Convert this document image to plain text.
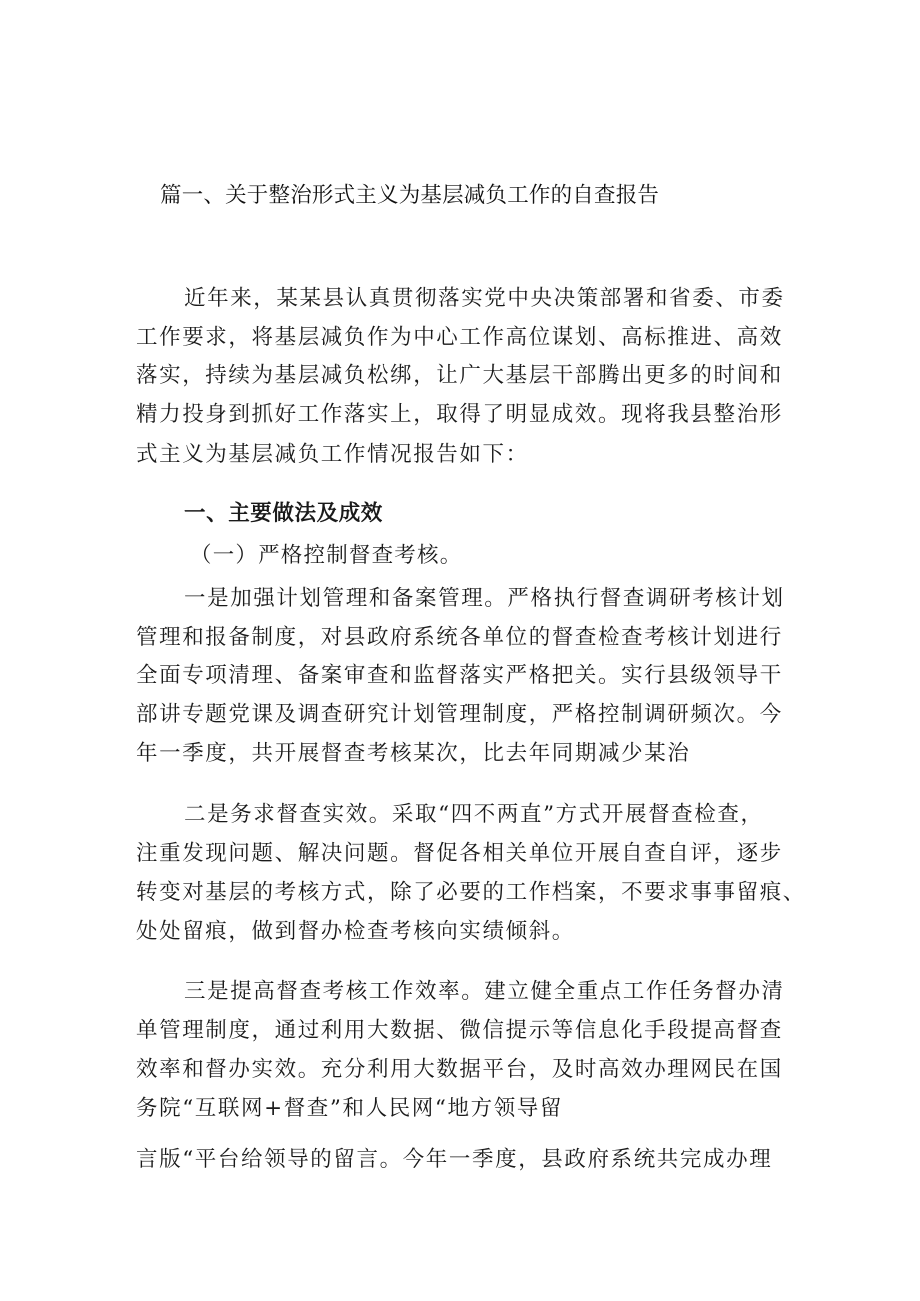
篇一、关于整治形式主义为基层减负工作的自查报告
近年来，某某县认真贯彻落实党中央决策部署和省委、市委
工作要求，将基层减负作为中心工作高位谋划、高标推进、高效
落实，持续为基层减负松绑，让广大基层干部腾出更多的时间和
精力投身到抓好工作落实上，取得了明显成效。现将我县整治形
式主义为基层减负工作情况报告如下：
一、主要做法及成效
（一）严格控制督查考核。
一是加强计划管理和备案管理。严格执行督查调研考核计划
管理和报备制度，对县政府系统各单位的督查检查考核计划进行
全面专项清理、备案审查和监督落实严格把关。实行县级领导干
部讲专题党课及调查研究计划管理制度，严格控制调研频次。今
年一季度，共开展督查考核某次，比去年同期减少某治
二是务求督查实效。采取“四不两直”方式开展督查检查，
注重发现问题、解决问题。督促各相关单位开展自查自评，逐步
转变对基层的考核方式，除了必要的工作档案，不要求事事留痕、
处处留痕，做到督办检查考核向实绩倾斜。
三是提高督查考核工作效率。建立健全重点工作任务督办清
单管理制度，通过利用大数据、微信提示等信息化手段提高督查
效率和督办实效。充分利用大数据平台，及时高效办理网民在国
务院“互联网+督查”和人民网“地方领导留
言版“平台给领导的留言。今年一季度，县政府系统共完成办理
